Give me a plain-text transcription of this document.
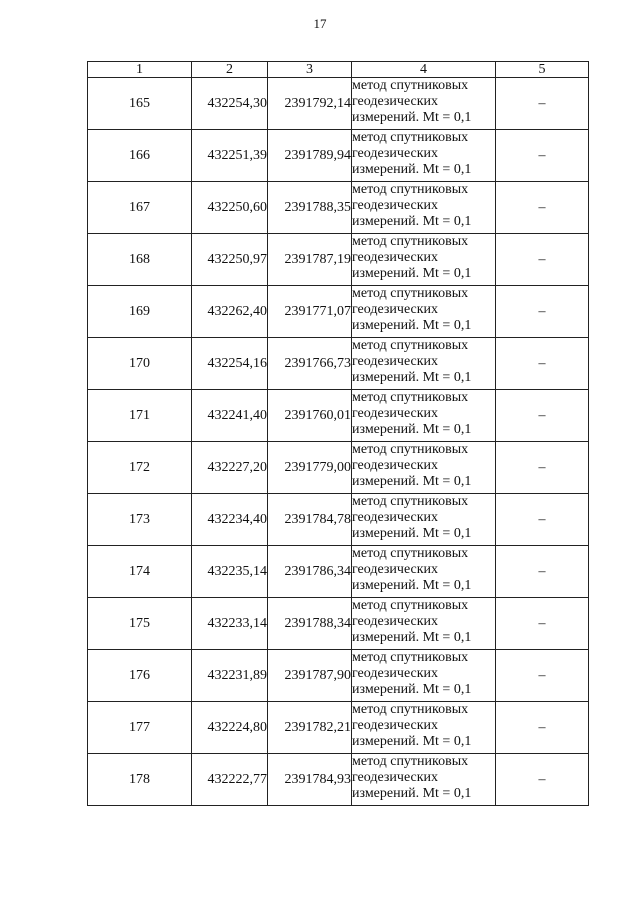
17
1	2	3	4	5
165	432254,30	2391792,14	метод спутниковых
геодезических
измерений. Mt = 0,1	–
166	432251,39	2391789,94	метод спутниковых
геодезических
измерений. Mt = 0,1	–
167	432250,60	2391788,35	метод спутниковых
геодезических
измерений. Mt = 0,1	–
168	432250,97	2391787,19	метод спутниковых
геодезических
измерений. Mt = 0,1	–
169	432262,40	2391771,07	метод спутниковых
геодезических
измерений. Mt = 0,1	–
170	432254,16	2391766,73	метод спутниковых
геодезических
измерений. Mt = 0,1	–
171	432241,40	2391760,01	метод спутниковых
геодезических
измерений. Mt = 0,1	–
172	432227,20	2391779,00	метод спутниковых
геодезических
измерений. Mt = 0,1	–
173	432234,40	2391784,78	метод спутниковых
геодезических
измерений. Mt = 0,1	–
174	432235,14	2391786,34	метод спутниковых
геодезических
измерений. Mt = 0,1	–
175	432233,14	2391788,34	метод спутниковых
геодезических
измерений. Mt = 0,1	–
176	432231,89	2391787,90	метод спутниковых
геодезических
измерений. Mt = 0,1	–
177	432224,80	2391782,21	метод спутниковых
геодезических
измерений. Mt = 0,1	–
178	432222,77	2391784,93	метод спутниковых
геодезических
измерений. Mt = 0,1	–
